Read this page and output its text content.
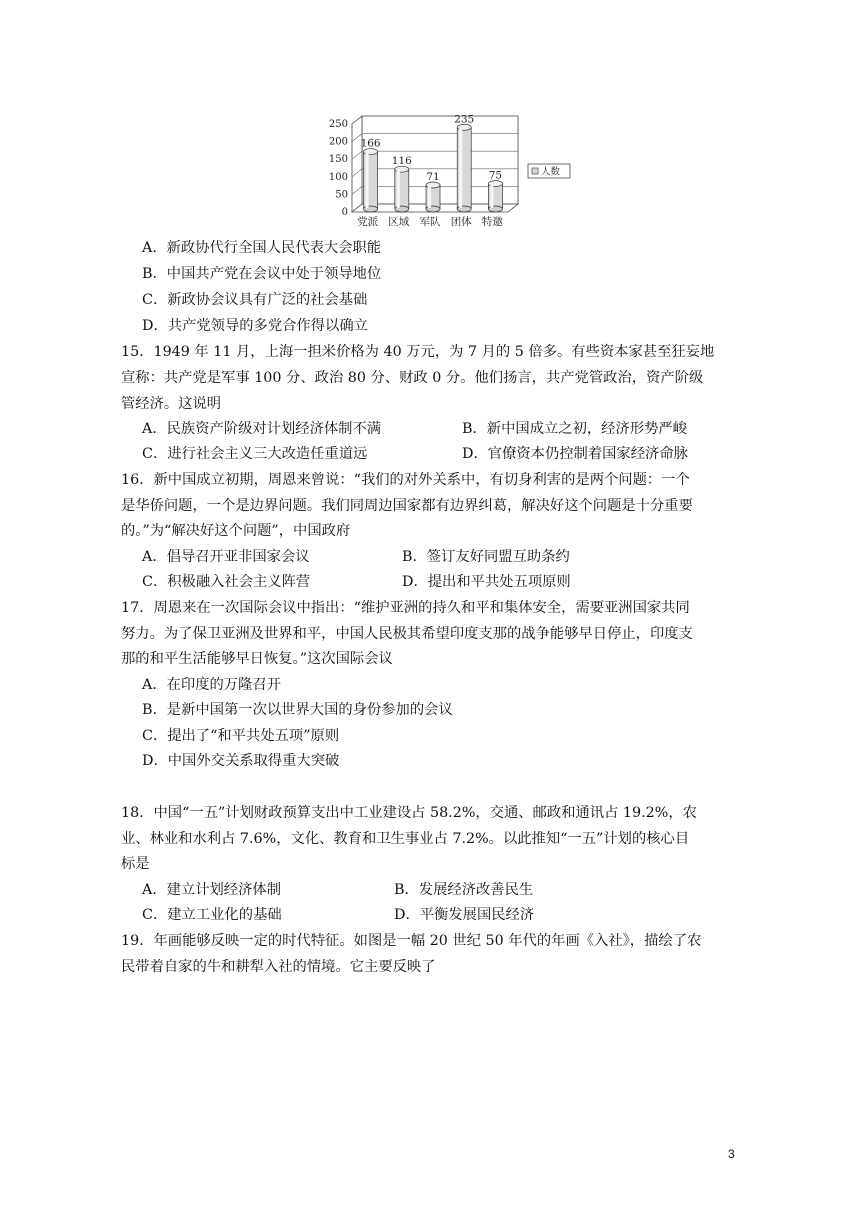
0
50
100
150
200
250
166
党派
116
区域
71
军队
235
团体
75
特邀
人数
A．新政协代行全国人民代表大会职能
B．中国共产党在会议中处于领导地位
C．新政协会议具有广泛的社会基础
D．共产党领导的多党合作得以确立
15．1949 年 11 月，上海一担米价格为 40 万元，为 7 月的 5 倍多。有些资本家甚至狂妄地
宣称：共产党是军事 100 分、政治 80 分、财政 0 分。他们扬言，共产党管政治，资产阶级
管经济。这说明
A．民族资产阶级对计划经济体制不满	B．新中国成立之初，经济形势严峻
C．进行社会主义三大改造任重道远	D．官僚资本仍控制着国家经济命脉
16．新中国成立初期，周恩来曾说：“我们的对外关系中，有切身利害的是两个问题：一个
是华侨问题，一个是边界问题。我们同周边国家都有边界纠葛，解决好这个问题是十分重要
的。”为“解决好这个问题”，中国政府
A．倡导召开亚非国家会议	B．签订友好同盟互助条约
C．积极融入社会主义阵营	D．提出和平共处五项原则
17．周恩来在一次国际会议中指出：“维护亚洲的持久和平和集体安全，需要亚洲国家共同
努力。为了保卫亚洲及世界和平，中国人民极其希望印度支那的战争能够早日停止，印度支
那的和平生活能够早日恢复。”这次国际会议
A．在印度的万隆召开
B．是新中国第一次以世界大国的身份参加的会议
C．提出了“和平共处五项”原则
D．中国外交关系取得重大突破
18．中国“一五”计划财政预算支出中工业建设占 58.2%，交通、邮政和通讯占 19.2%，农
业、林业和水利占 7.6%，文化、教育和卫生事业占 7.2%。以此推知“一五”计划的核心目
标是
A．建立计划经济体制	B．发展经济改善民生
C．建立工业化的基础	D．平衡发展国民经济
19．年画能够反映一定的时代特征。如图是一幅 20 世纪 50 年代的年画《入社》，描绘了农
民带着自家的牛和耕犁入社的情境。它主要反映了
3
